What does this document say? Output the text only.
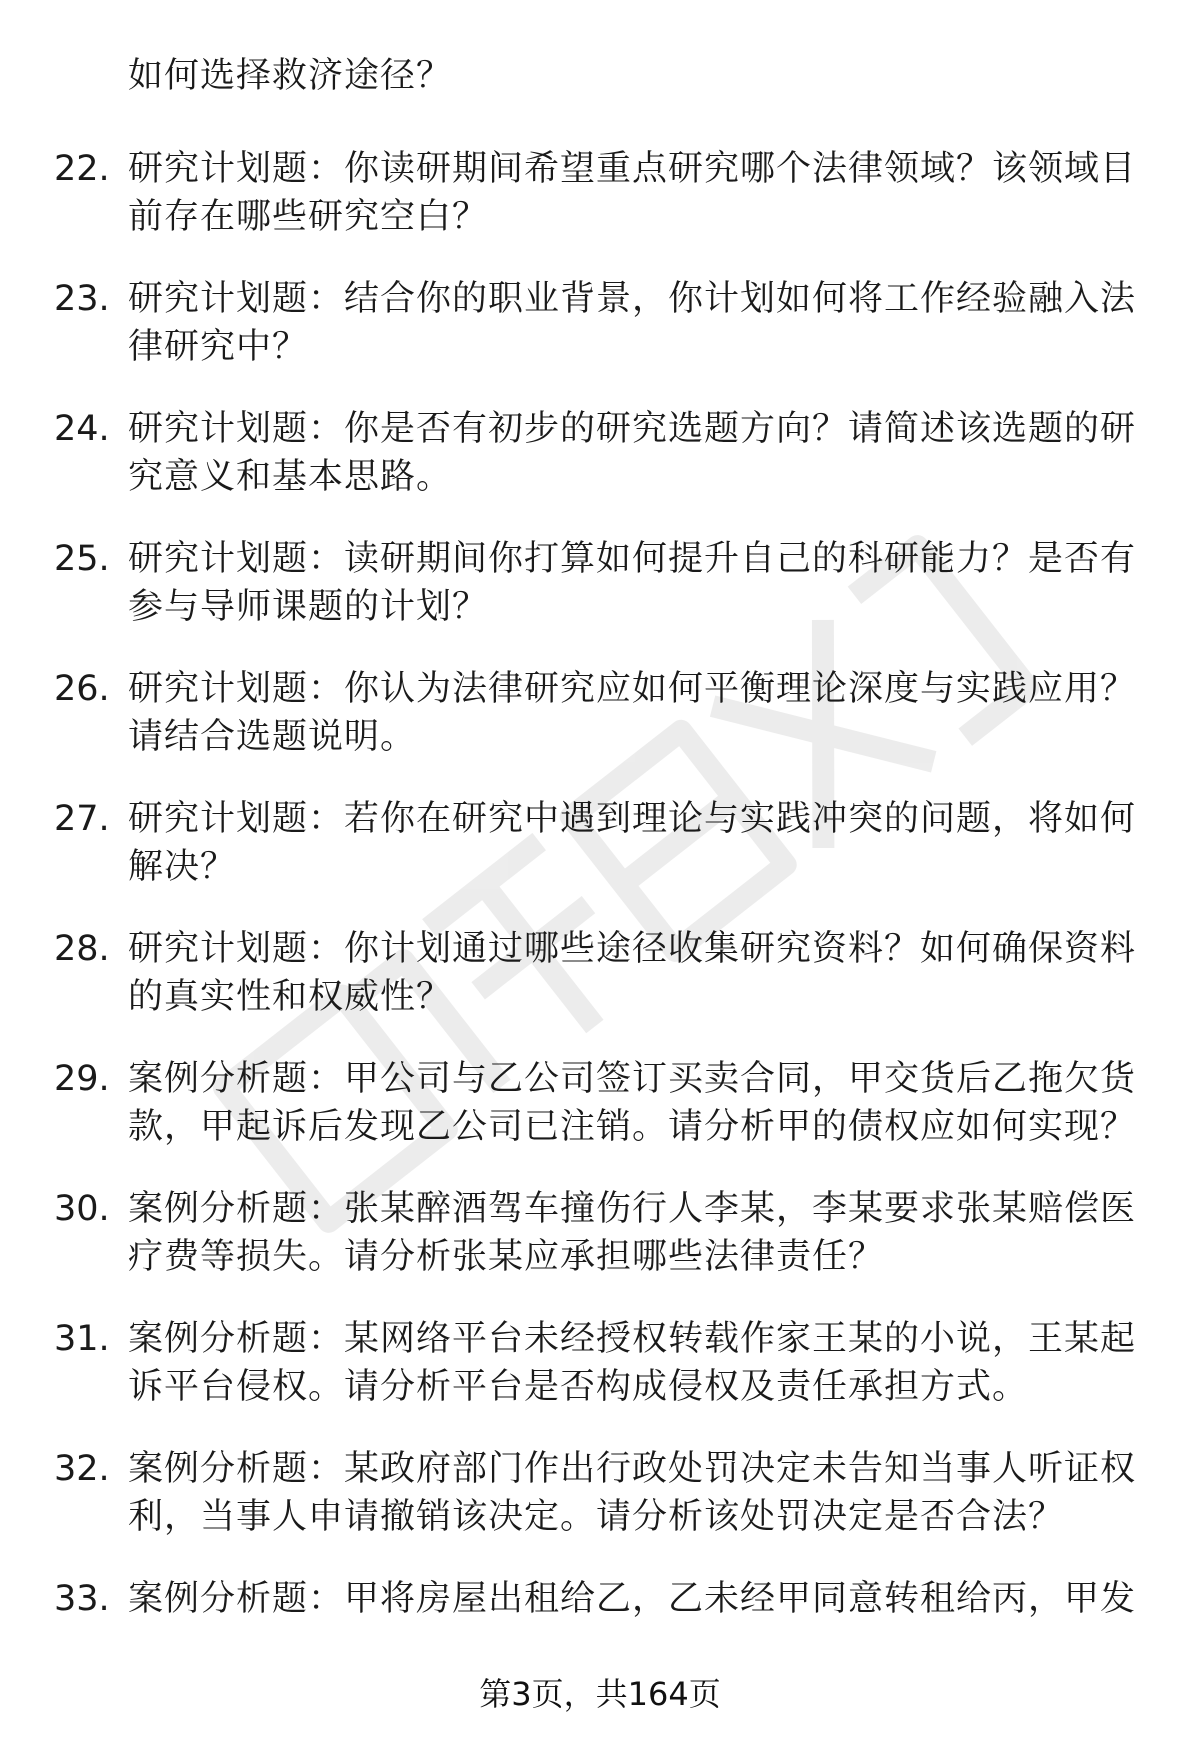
如何选择救济途径？
22. 研究计划题：你读研期间希望重点研究哪个法律领域？该领域目
前存在哪些研究空白？
23. 研究计划题：结合你的职业背景，你计划如何将工作经验融入法
律研究中？
24. 研究计划题：你是否有初步的研究选题方向？请简述该选题的研
究意义和基本思路。
25. 研究计划题：读研期间你打算如何提升自己的科研能力？是否有
参与导师课题的计划？
26. 研究计划题：你认为法律研究应如何平衡理论深度与实践应用？
请结合选题说明。
27. 研究计划题：若你在研究中遇到理论与实践冲突的问题，将如何
解决？
28. 研究计划题：你计划通过哪些途径收集研究资料？如何确保资料
的真实性和权威性？
29. 案例分析题：甲公司与乙公司签订买卖合同，甲交货后乙拖欠货
款，甲起诉后发现乙公司已注销。请分析甲的债权应如何实现？
30. 案例分析题：张某醉酒驾车撞伤行人李某，李某要求张某赔偿医
疗费等损失。请分析张某应承担哪些法律责任？
31. 案例分析题：某网络平台未经授权转载作家王某的小说，王某起
诉平台侵权。请分析平台是否构成侵权及责任承担方式。
32. 案例分析题：某政府部门作出行政处罚决定未告知当事人听证权
利，当事人申请撤销该决定。请分析该处罚决定是否合法？
33. 案例分析题：甲将房屋出租给乙，乙未经甲同意转租给丙，甲发
第3页，共164页
